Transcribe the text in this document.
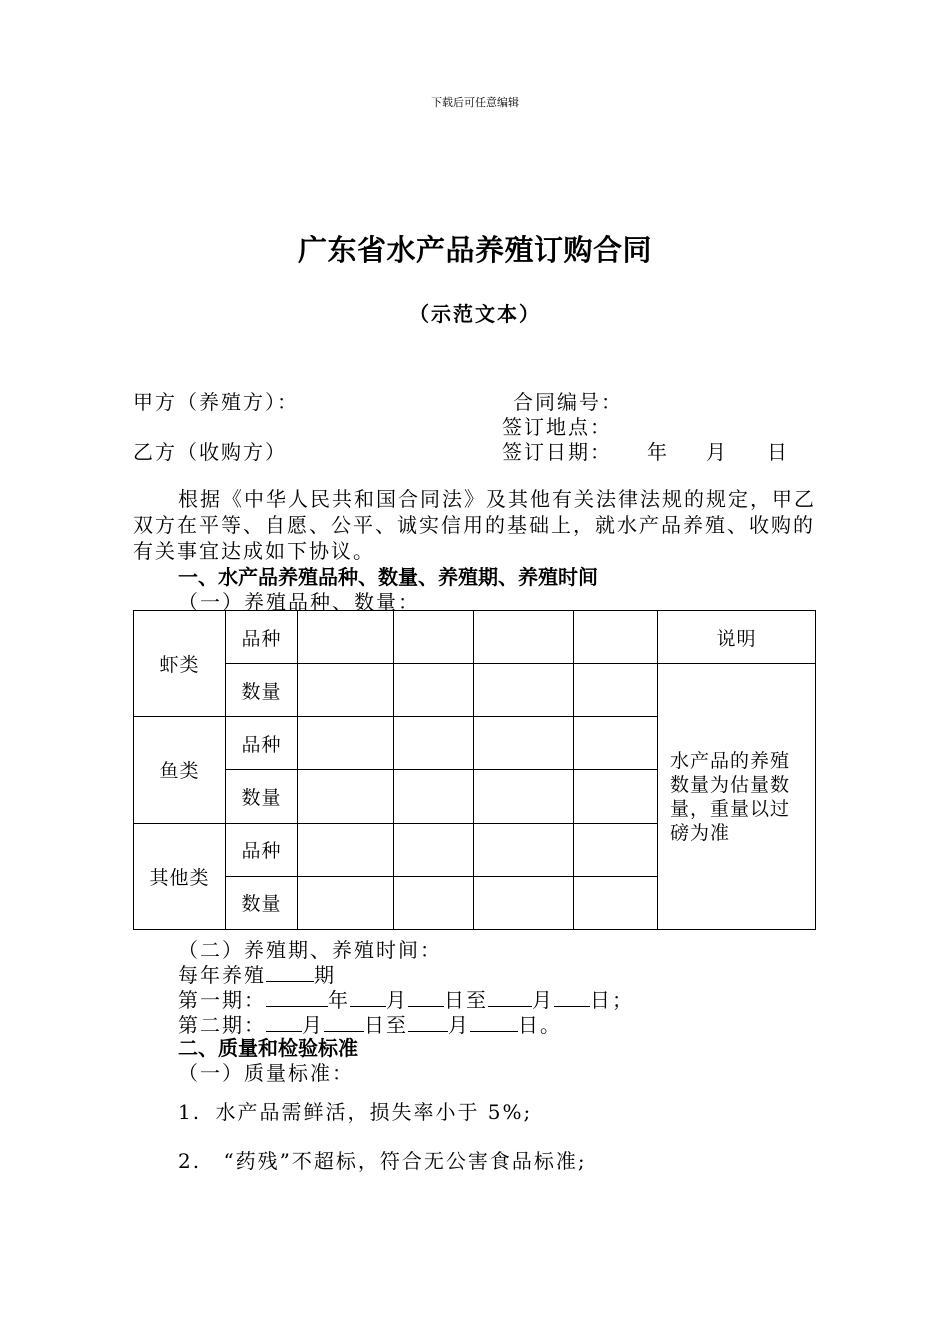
下载后可任意编辑
广东省水产品养殖订购合同
（示范文本）
甲方（养殖方）：	合同编号：
签订地点：
乙方（收购方）	签订日期： 年 月 日
根据《中华人民共和国合同法》及其他有关法律法规的规定，甲乙双方在平等、自愿、公平、诚实信用的基础上，就水产品养殖、收购的有关事宜达成如下协议。
一、水产品养殖品种、数量、养殖期、养殖时间
（一）养殖品种、数量：
虾类	品种					说明
	数量					水产品的养殖数量为估量数量，重量以过磅为准
鱼类	品种					
	数量					
其他类	品种					
	数量					
（二）养殖期、养殖时间：
每年养殖 期
第一期：	年 月 日至 月 日；
第二期： 月 日至 月 日。
二、质量和检验标准
（一）质量标准：
1. 水产品需鲜活，损失率小于 5%;
2. “药残”不超标，符合无公害食品标准;
